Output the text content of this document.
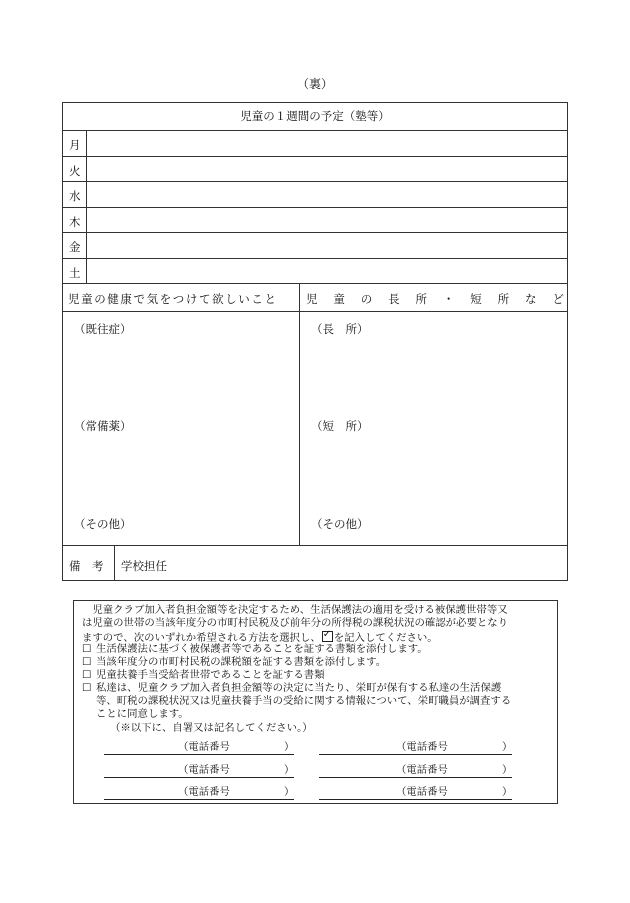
（裏）
児童の１週間の予定（塾等）
月
火
水
木
金
土
児童の健康で気をつけて欲しいこと 児 童 の 長 所 ・ 短 所 な ど
（既往症）
（常備薬）
（その他）
（長　所）
（短　所）
（その他）
備　考 学校担任
　児童クラブ加入者負担金額等を決定するため、生活保護法の適用を受ける被保護世帯等又
は児童の世帯の当該年度分の市町村民税及び前年分の所得税の課税状況の確認が必要となり
ますので、次のいずれか希望される方法を選択し、✓ を記入してください。
☐ 生活保護法に基づく被保護者等であることを証する書類を添付します。
☐ 当該年度分の市町村民税の課税額を証する書類を添付します。
☐ 児童扶養手当受給者世帯であることを証する書類
☐ 私達は、児童クラブ加入者負担金額等の決定に当たり、栄町が保有する私達の生活保護
等、町税の課税状況又は児童扶養手当の受給に関する情報について、栄町職員が調査する
ことに同意します。
（※以下に、自署又は記名してください。）
（電話番号	）	（電話番号	）
（電話番号	）	（電話番号	）
（電話番号	）	（電話番号	）
